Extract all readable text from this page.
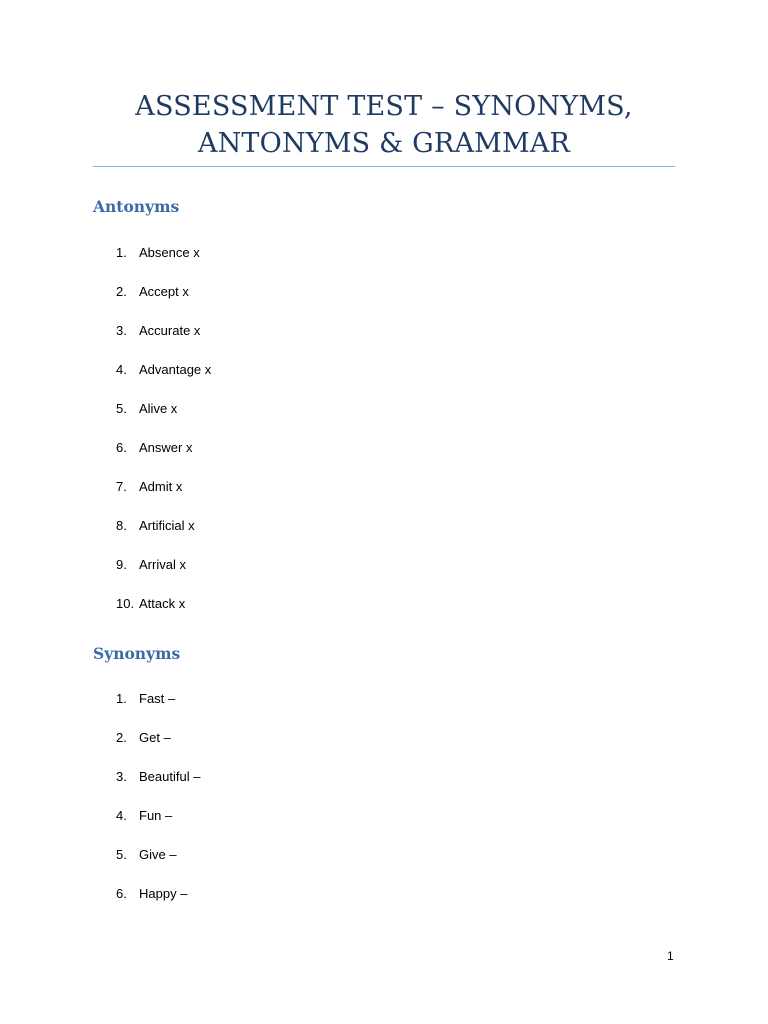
ASSESSMENT TEST – SYNONYMS,
ANTONYMS & GRAMMAR
Antonyms
1. Absence x
2. Accept x
3. Accurate x
4. Advantage x
5. Alive x
6. Answer x
7. Admit x
8. Artificial x
9. Arrival x
10. Attack x
Synonyms
1. Fast –
2. Get –
3. Beautiful –
4. Fun –
5. Give –
6. Happy –
1
